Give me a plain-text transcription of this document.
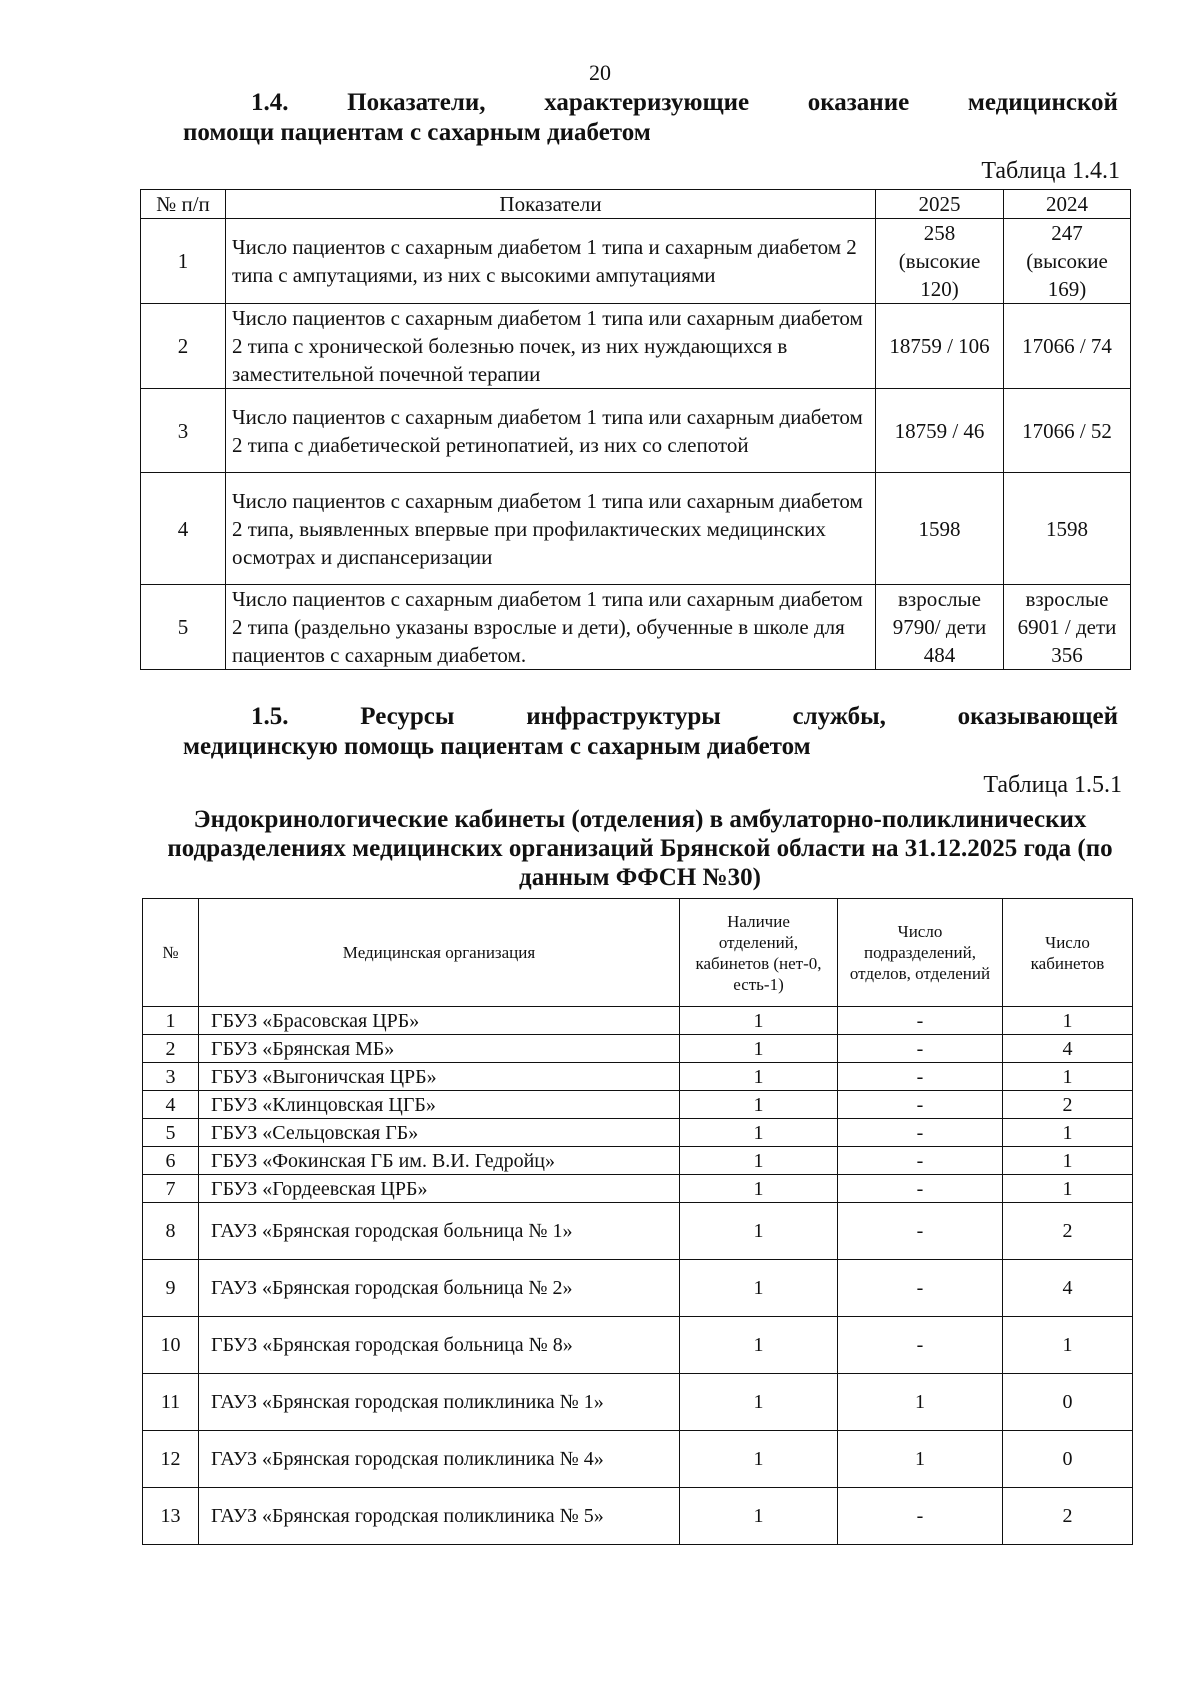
20
1.4. Показатели, характеризующие оказание медицинской
помощи пациентам с сахарным диабетом
Таблица 1.4.1
№ п/п	Показатели	2025	2024
1	Число пациентов с сахарным диабетом 1 типа и сахарным диабетом 2 типа с ампутациями, из них с высокими ампутациями	258 (высокие 120)	247 (высокие 169)
2	Число пациентов с сахарным диабетом 1 типа или сахарным диабетом 2 типа с хронической болезнью почек, из них нуждающихся в заместительной почечной терапии	18759 / 106	17066 / 74
3	Число пациентов с сахарным диабетом 1 типа или сахарным диабетом 2 типа с диабетической ретинопатией, из них со слепотой	18759 / 46	17066 / 52
4	Число пациентов с сахарным диабетом 1 типа или сахарным диабетом 2 типа, выявленных впервые при профилактических медицинских осмотрах и диспансеризации	1598	1598
5	Число пациентов с сахарным диабетом 1 типа или сахарным диабетом 2 типа (раздельно указаны взрослые и дети), обученные в школе для пациентов с сахарным диабетом.	взрослые 9790/ дети 484	взрослые 6901 / дети 356
1.5.	Ресурсы	инфраструктуры	службы,	оказывающей
медицинскую помощь пациентам с сахарным диабетом
Таблица 1.5.1
Эндокринологические кабинеты (отделения) в амбулаторно-поликлинических подразделениях медицинских организаций Брянской области на 31.12.2025 года (по данным ФФСН №30)
№	Медицинская организация	Наличие отделений, кабинетов (нет-0, есть-1)	Число подразделений, отделов, отделений	Число кабинетов
1	ГБУЗ «Брасовская ЦРБ»	1	-	1
2	ГБУЗ «Брянская МБ»	1	-	4
3	ГБУЗ «Выгоничская ЦРБ»	1	-	1
4	ГБУЗ «Клинцовская ЦГБ»	1	-	2
5	ГБУЗ «Сельцовская ГБ»	1	-	1
6	ГБУЗ «Фокинская ГБ им. В.И. Гедройц»	1	-	1
7	ГБУЗ «Гордеевская ЦРБ»	1	-	1
8	ГАУЗ «Брянская городская больница № 1»	1	-	2
9	ГАУЗ «Брянская городская больница № 2»	1	-	4
10	ГБУЗ «Брянская городская больница № 8»	1	-	1
11	ГАУЗ «Брянская городская поликлиника № 1»	1	1	0
12	ГАУЗ «Брянская городская поликлиника № 4»	1	1	0
13	ГАУЗ «Брянская городская поликлиника № 5»	1	-	2
